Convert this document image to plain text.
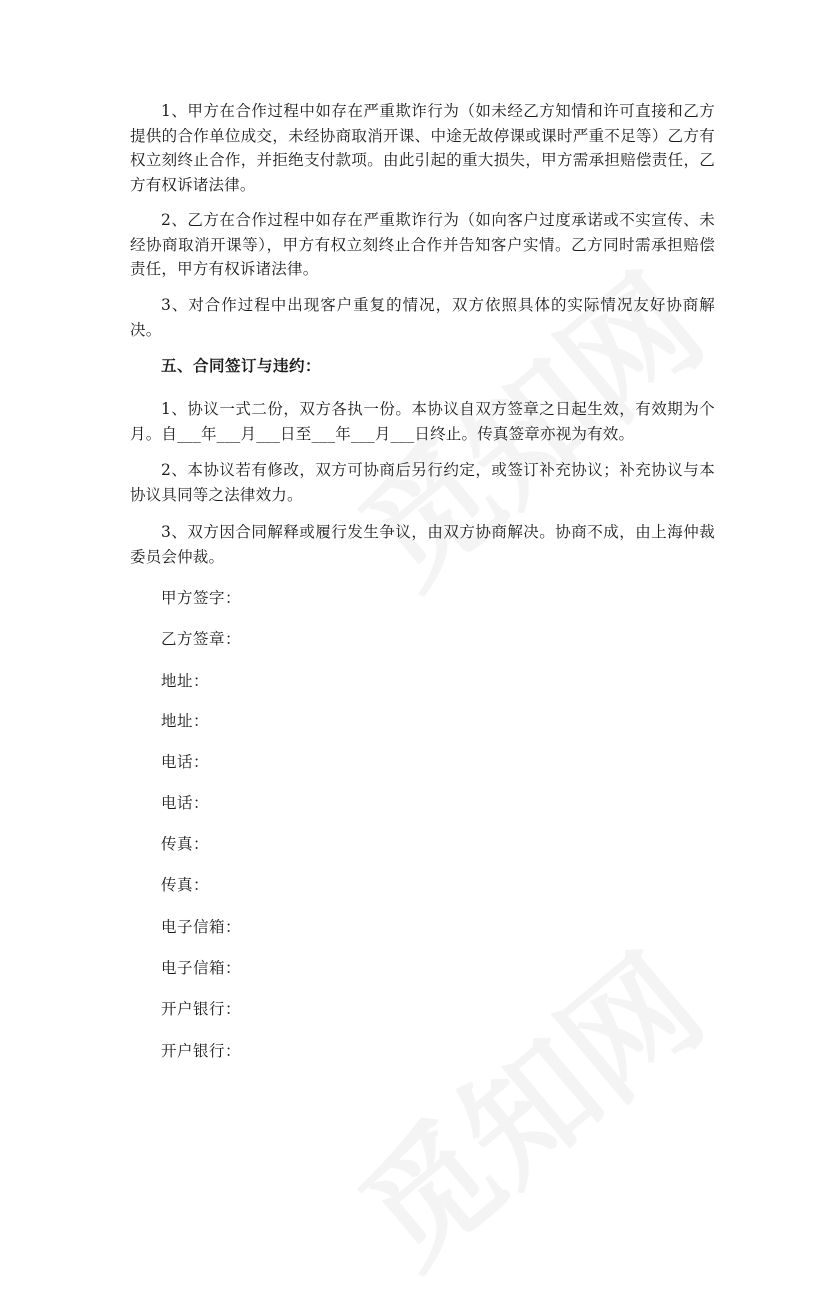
1、甲方在合作过程中如存在严重欺诈行为（如未经乙方知情和许可直接和乙方提供的合作单位成交，未经协商取消开课、中途无故停课或课时严重不足等）乙方有权立刻终止合作，并拒绝支付款项。由此引起的重大损失，甲方需承担赔偿责任，乙方有权诉诸法律。

2、乙方在合作过程中如存在严重欺诈行为（如向客户过度承诺或不实宣传、未经协商取消开课等），甲方有权立刻终止合作并告知客户实情。乙方同时需承担赔偿责任，甲方有权诉诸法律。

3、对合作过程中出现客户重复的情况，双方依照具体的实际情况友好协商解决。

五、合同签订与违约：

1、协议一式二份，双方各执一份。本协议自双方签章之日起生效，有效期为个月。自___年___月___日至___年___月___日终止。传真签章亦视为有效。

2、本协议若有修改，双方可协商后另行约定，或签订补充协议；补充协议与本协议具同等之法律效力。

3、双方因合同解释或履行发生争议，由双方协商解决。协商不成，由上海仲裁委员会仲裁。

甲方签字：

乙方签章：

地址：

地址：

电话：

电话：

传真：

传真：

电子信箱：

电子信箱：

开户银行：

开户银行：
